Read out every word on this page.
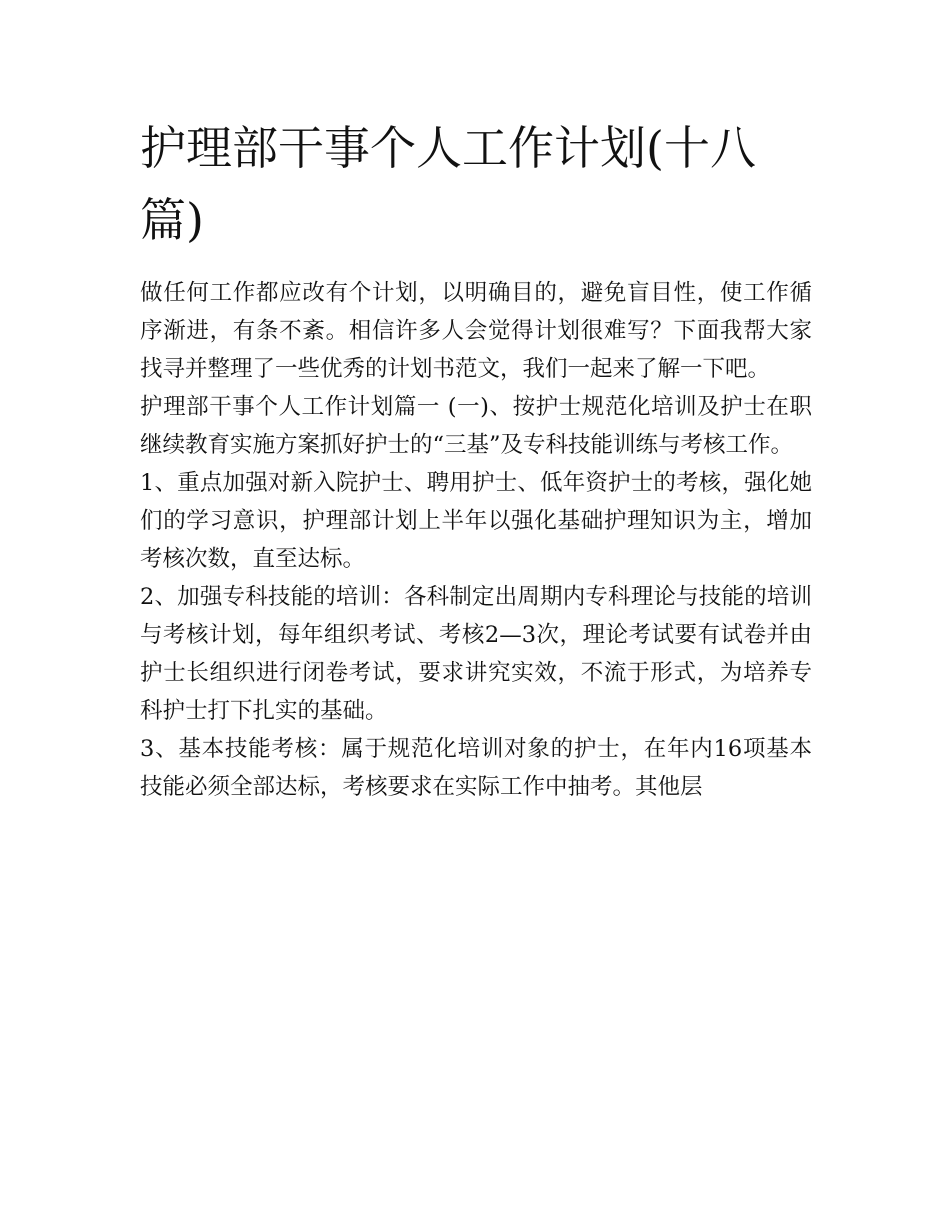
护理部干事个人工作计划(十八篇)

做任何工作都应改有个计划，以明确目的，避免盲目性，使工作循序渐进，有条不紊。相信许多人会觉得计划很难写？下面我帮大家找寻并整理了一些优秀的计划书范文，我们一起来了解一下吧。

护理部干事个人工作计划篇一 (一)、按护士规范化培训及护士在职继续教育实施方案抓好护士的“三基”及专科技能训练与考核工作。

1、重点加强对新入院护士、聘用护士、低年资护士的考核，强化她们的学习意识，护理部计划上半年以强化基础护理知识为主，增加考核次数，直至达标。

2、加强专科技能的培训：各科制定出周期内专科理论与技能的培训与考核计划，每年组织考试、考核2—3次，理论考试要有试卷并由护士长组织进行闭卷考试，要求讲究实效，不流于形式，为培养专科护士打下扎实的基础。

3、基本技能考核：属于规范化培训对象的护士，在年内16项基本技能必须全部达标，考核要求在实际工作中抽考。其他层
